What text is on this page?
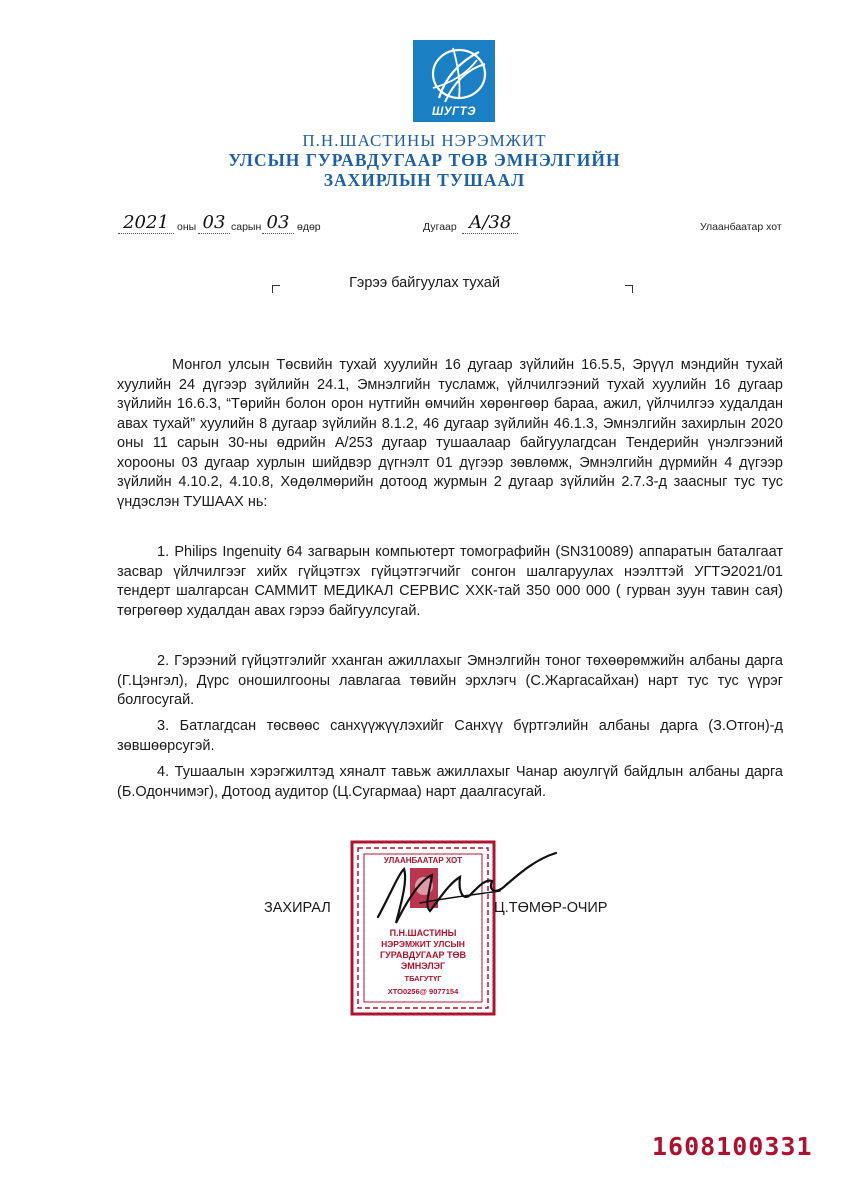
ШУГТЭ
П.Н.ШАСТИНЫ НЭРЭМЖИТ
УЛСЫН ГУРАВДУГААР ТӨВ ЭМНЭЛГИЙН
ЗАХИРЛЫН ТУШААЛ
2021 оны 03 сарын 03 өдөр	Дугаар А/38	Улаанбаатар хот
Гэрээ байгуулах тухай
Монгол улсын Төсвийн тухай хуулийн 16 дугаар зүйлийн 16.5.5, Эрүүл мэндийн тухай хуулийн 24 дүгээр зүйлийн 24.1, Эмнэлгийн тусламж, үйлчилгээний тухай хуулийн 16 дугаар зүйлийн 16.6.3, “Төрийн болон орон нутгийн өмчийн хөрөнгөөр бараа, ажил, үйлчилгээ худалдан авах тухай” хуулийн 8 дугаар зүйлийн 8.1.2, 46 дугаар зүйлийн 46.1.3, Эмнэлгийн захирлын 2020 оны 11 сарын 30-ны өдрийн А/253 дугаар тушаалаар байгуулагдсан Тендерийн үнэлгээний хорооны 03 дугаар хурлын шийдвэр дүгнэлт 01 дүгээр зөвлөмж, Эмнэлгийн дүрмийн 4 дүгээр зүйлийн 4.10.2, 4.10.8, Хөдөлмөрийн дотоод журмын 2 дугаар зүйлийн 2.7.3-д заасныг тус тус үндэслэн ТУШААХ нь:
1. Philips Ingenuity 64 загварын компьютерт томографийн (SN310089) аппаратын баталгаат засвар үйлчилгээг хийх гүйцэтгэх гүйцэтгэгчийг сонгон шалгаруулах нээлттэй УГТЭ2021/01 тендерт шалгарсан САММИТ МЕДИКАЛ СЕРВИС ХХК-тай 350 000 000 ( гурван зуун тавин сая) төгрөгөөр худалдан авах гэрээ байгуулсугай.
2. Гэрээний гүйцэтгэлийг хханган ажиллахыг Эмнэлгийн тоног төхөөрөмжийн албаны дарга (Г.Цэнгэл), Дүрс оношилгооны лавлагаа төвийн эрхлэгч (С.Жаргасайхан) нарт тус тус үүрэг болгосугай.
3. Батлагдсан төсвөөс санхүүжүүлэхийг Санхүү бүртгэлийн албаны дарга (З.Отгон)-д зөвшөөрсугэй.
4. Тушаалын хэрэгжилтэд хяналт тавьж ажиллахыг Чанар аюулгүй байдлын албаны дарга (Б.Одончимэг), Дотоод аудитор (Ц.Сугармаа) нарт даалгасугай.
УЛААНБААТАР ХОТ
П.Н.ШАСТИНЫ
НЭРЭМЖИТ УЛСЫН
ГУРАВДУГААР ТӨВ
ЭМНЭЛЭГ
ТБАГУТҮГ
ХТО0256@ 9077154
ЗАХИРАЛ	Ц.ТӨМӨР-ОЧИР
1608100331
